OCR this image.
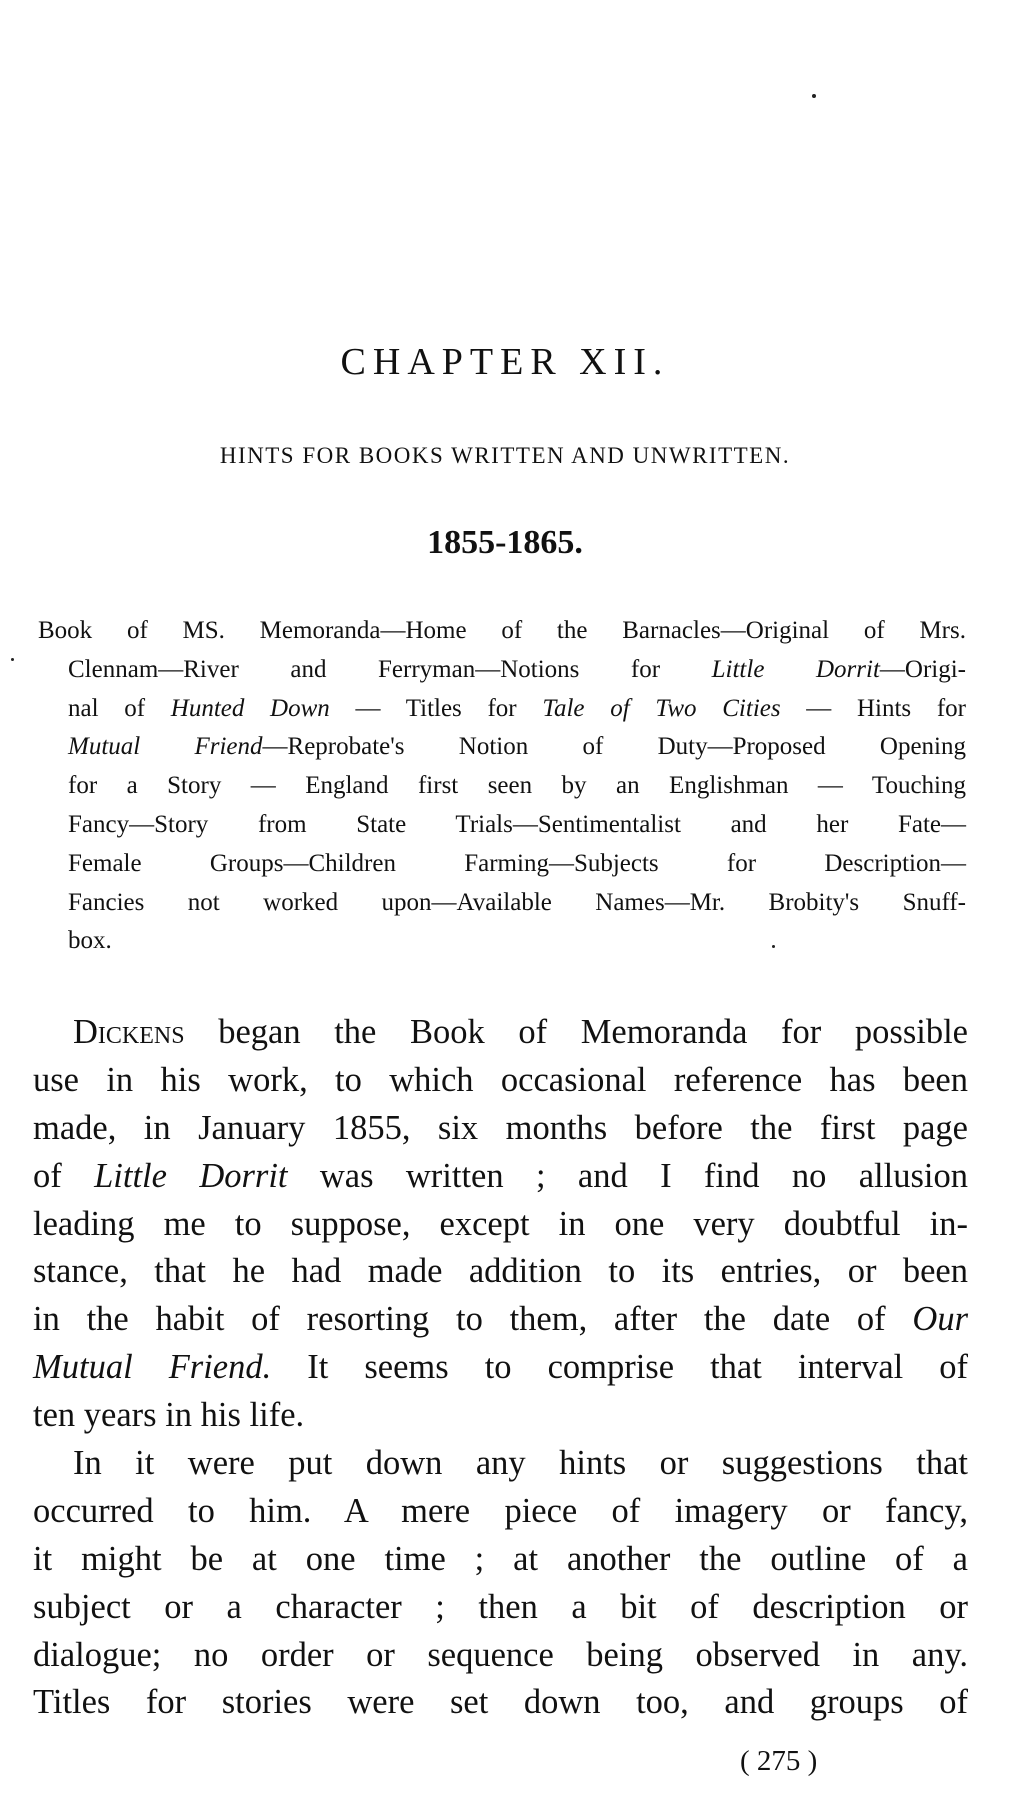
CHAPTER XII.
HINTS FOR BOOKS WRITTEN AND UNWRITTEN.
1855-1865.
Book of MS. Memoranda—Home of the Barnacles—Original of Mrs.
Clennam—River and Ferryman—Notions for Little Dorrit—Origi-
nal of Hunted Down — Titles for Tale of Two Cities — Hints for
Mutual Friend—Reprobate's Notion of Duty—Proposed Opening
for a Story — England first seen by an Englishman — Touching
Fancy—Story from State Trials—Sentimentalist and her Fate—
Female Groups—Children Farming—Subjects for Description—
Fancies not worked upon—Available Names—Mr. Brobity's Snuff-
box.
Dickens began the Book of Memoranda for possible
use in his work, to which occasional reference has been
made, in January 1855, six months before the first page
of Little Dorrit was written ; and I find no allusion
leading me to suppose, except in one very doubtful in-
stance, that he had made addition to its entries, or been
in the habit of resorting to them, after the date of Our
Mutual Friend. It seems to comprise that interval of
ten years in his life.
In it were put down any hints or suggestions that
occurred to him. A mere piece of imagery or fancy,
it might be at one time ; at another the outline of a
subject or a character ; then a bit of description or
dialogue; no order or sequence being observed in any.
Titles for stories were set down too, and groups of
( 275 )
